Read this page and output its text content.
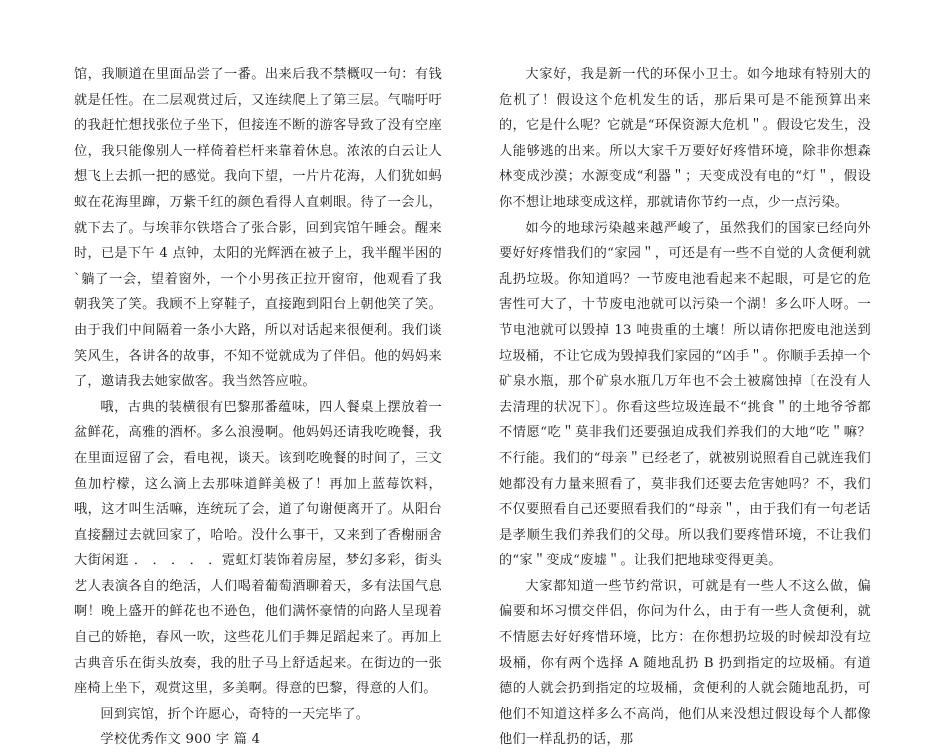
馆，我顺道在里面品尝了一番。出来后我不禁概叹一句：有钱就是任性。在二层观赏过后，又连续爬上了第三层。气喘吁吁的我赶忙想找张位子坐下，但接连不断的游客导致了没有空座位，我只能像别人一样倚着栏杆来靠着休息。浓浓的白云让人想飞上去抓一把的感觉。我向下望，一片片花海，人们犹如蚂蚁在花海里蹿，万紫千红的颜色看得人直刺眼。待了一会儿，就下去了。与埃菲尔铁塔合了张合影，回到宾馆午睡会。醒来时，已是下午 4 点钟，太阳的光辉洒在被子上，我半醒半困的`躺了一会，望着窗外，一个小男孩正拉开窗帘，他观看了我朝我笑了笑。我顾不上穿鞋子，直接跑到阳台上朝他笑了笑。由于我们中间隔着一条小大路，所以对话起来很便利。我们谈笑风生，各讲各的故事，不知不觉就成为了伴侣。他的妈妈来了，邀请我去她家做客。我当然答应啦。

哦，古典的装横很有巴黎那番蕴味，四人餐桌上摆放着一盆鲜花，高雅的酒杯。多么浪漫啊。他妈妈还请我吃晚餐，我在里面逗留了会，看电视，谈天。该到吃晚餐的时间了，三文鱼加柠檬，这么滴上去那味道鲜美极了！再加上蓝莓饮料，哦，这才叫生活嘛，连统玩了会，道了句谢便离开了。从阳台直接翻过去就回家了，哈哈。没什么事干，又来到了香榭丽舍大街闲逛 ． ． ． ． ．霓虹灯装饰着房屋，梦幻多彩，街头艺人表演各自的绝活，人们喝着葡萄酒聊着天，多有法国气息啊！晚上盛开的鲜花也不逊色，他们满怀豪情的向路人呈现着自己的娇艳，春风一吹，这些花儿们手舞足蹈起来了。再加上古典音乐在街头放奏，我的肚子马上舒适起来。在街边的一张座椅上坐下，观赏这里，多美啊。得意的巴黎，得意的人们。

回到宾馆，折个许愿心，奇特的一天完毕了。

学校优秀作文 900 字 篇 4

大家好，我是新一代的环保小卫士。如今地球有特别大的危机了！假设这个危机发生的话，那后果可是不能预算出来的，它是什么呢？它就是“环保资源大危机＂。假设它发生，没人能够逃的出来。所以大家千万要好好疼惜环境，除非你想森林变成沙漠；水源变成“利器＂；天变成没有电的“灯＂，假设你不想让地球变成这样，那就请你节约一点，少一点污染。

如今的地球污染越来越严峻了，虽然我们的国家已经向外要好好疼惜我们的“家园＂，可还是有一些不自觉的人贪便利就乱扔垃圾。你知道吗？一节废电池看起来不起眼，可是它的危害性可大了，十节废电池就可以污染一个湖！多么吓人呀。一节电池就可以毁掉 13 吨贵重的土壤！所以请你把废电池送到垃圾桶，不让它成为毁掉我们家园的“凶手＂。你顺手丢掉一个矿泉水瓶，那个矿泉水瓶几万年也不会土被腐蚀掉〔在没有人去清理的状况下〕。你看这些垃圾连最不“挑食＂的土地爷爷都不情愿“吃＂莫非我们还要强迫成我们养我们的大地“吃＂嘛？不行能。我们的“母亲＂已经老了，就被别说照看自己就连我们她都没有力量来照看了，莫非我们还要去危害她吗？不，我们不仅要照看自己还要照看我们的“母亲＂，由于我们有一句老话是孝顺生我们养我们的父母。所以我们要疼惜环境，不让我们的“家＂变成“废墟＂。让我们把地球变得更美。

大家都知道一些节约常识，可就是有一些人不这么做，偏偏要和坏习惯交伴侣，你问为什么，由于有一些人贪便利，就不情愿去好好疼惜环境，比方：在你想扔垃圾的时候却没有垃圾桶，你有两个选择 A 随地乱扔 B 扔到指定的垃圾桶。有道德的人就会扔到指定的垃圾桶，贪便利的人就会随地乱扔，可他们不知道这样多么不高尚，他们从来没想过假设每个人都像他们一样乱扔的话，那
